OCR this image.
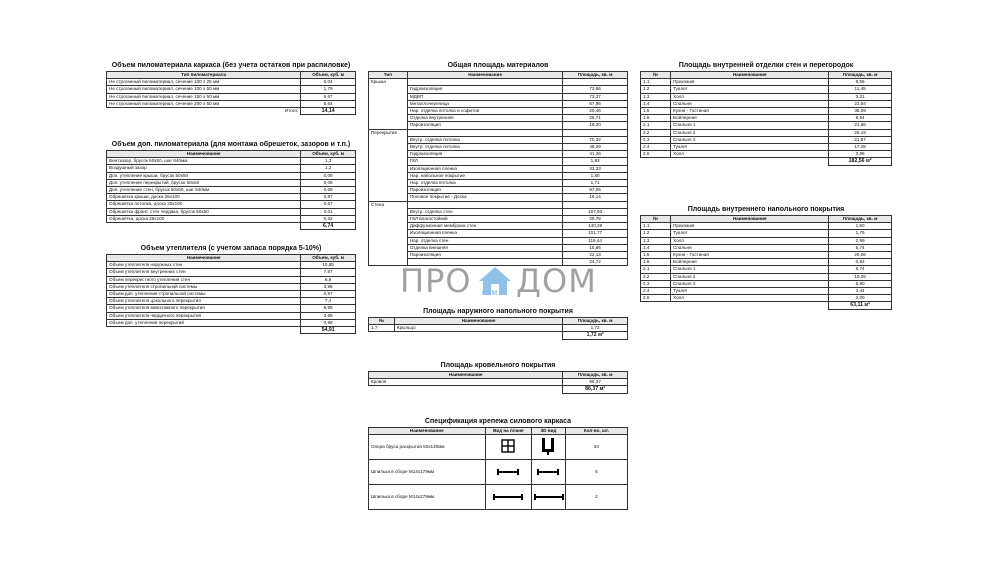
Объем пиломатериала каркаса (без учета остатков при распиловке)
Тип пиломатериала	Объем, куб. м
Не строганный пиломатериал, сечение 100 х 25 мм	0,04
Не строганный пиломатериал, сечение 100 х 50 мм	1,79
Не строганный пиломатериал, сечение 150 х 50 мм	6,67
Не строганный пиломатериал, сечение 200 х 50 мм	5,64
Итого:	14,14
Объем доп. пиломатериала (для монтажа обрешеток, зазоров и т.п.)
Наименование	Объем, куб. м
Вентзазор, брусок 50х50, шаг 640мм	1,3
Воздушный зазор	1,2
Доп. утепление крыши, брусок 50х50	0,09
Доп. утепление перекрытий, брусок 50х50	0,09
Доп. утепление стен, брусок 50х50, шаг 640мм	0,69
Обрешетка крыши, доска 25х100	0,87
Обрешетка потолка, доска 25х100	0,67
Обрешетка фронт. стен чердака, брусок 50х50	0,01
Обрешетка, доска 25х100	0,32
	6,74
Объем утеплителя (с учетом запаса порядка 5-10%)
Наименование	Объем, куб. м
Объем утеплителя наружных стен	10,85
Объем утеплителя внутренних стен	7,87
Объем перекрестного утепления стен	6,9
Объем утеплителя стропильной системы	3,96
Объем доп. утепления стропильной системы	0,97
Объем утеплителя цокольного перекрытия	7,4
Объем утеплителя межэтажного перекрытия	5,99
Объем утеплителя чердачного перекрытия	3,99
Объем доп. утепления перекрытий	0,98
	54,91
Общая площадь материалов
Тип	Наименование	Площадь, кв. м
Крыша		
	Гидроизоляция	73,86
	МДВП	73,37
	Металлочерепица	87,96
	Нар. отделка потолка и софитов	20,46
	Отделка внутренняя	25,71
	Пароизоляция	19,20
Перекрытие		
	Внутр. отделка потолка	70,32
	Внутр. отделка потолка	49,29
	Гидроизоляция	41,26
	ГКЛ	1,93
	Изоляционная пленка	33,23
	Нар. напольное покрытие	1,80
	Нар. отделка потолка	1,71
	Пароизоляция	97,05
	Половое покрытие - Доска	16,14
Стена		
	Внутр. отделка стен	167,90
	ГКЛ влагостойкий	29,78
	Диффузионная мембрана стен	140,39
	Изоляционная пленка	101,77
	Нар. отделка стен	119,44
	Отделка внешняя	15,86
	Пароизоляция	22,13
		24,72
ПРО ДОМ
РЕМ
Площадь наружного напольного покрытия
№	Наименование	Площадь, кв. м
1.7	Крыльцо	1,72
		1,72 м²
Площадь кровельного покрытия
Наименование	Площадь, кв. м
Кровля	86,37
	86,37 м²
Спецификация крепежа силового каркаса
Наименование	Вид на плане	3D вид	Кол-во, шт.
Опора бруса раскрытая 50х140мм			34
Шпилька в сборе М14х179мм			6
Шпилька в сборе М14х279мм			2
Площадь внутренней отделки стен и перегородок
№	Наименование	Площадь, кв. м
1.1	Прихожая	6,56
1.2	Туалет	11,45
1.3	Холл	3,21
1.4	Спальня	23,84
1.5	Кухня - Гостиная	38,09
1.6	Бойлерная	8,54
2.1	Спальня 1	21,66
2.2	Спальня 2	26,19
2.3	Спальня 3	21,87
2.4	Туалет	17,28
2.5	Холл	3,86
		182,56 м²
Площадь внутреннего напольного покрытия
№	Наименование	Площадь, кв. м
1.1	Прихожая	1,50
1.2	Туалет	1,76
1.3	Холл	2,99
1.4	Спальня	6,74
1.5	Кухня - Гостиная	20,06
1.6	Бойлерная	0,92
2.1	Спальня 1	6,74
2.2	Спальня 2	10,05
2.3	Спальня 3	6,90
2.4	Туалет	3,44
2.5	Холл	2,00
		63,11 м²
